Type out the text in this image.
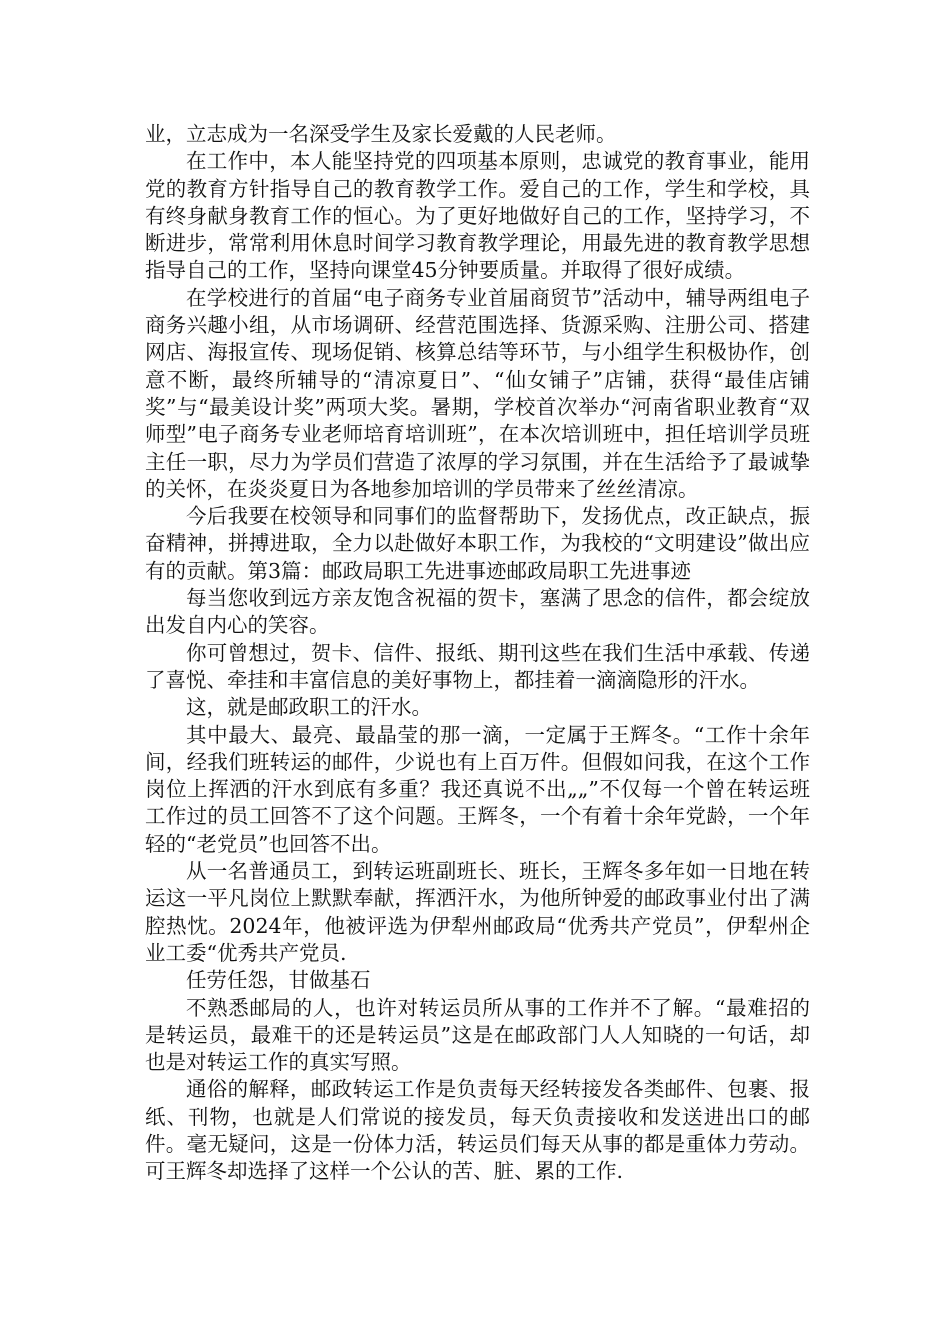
业，立志成为一名深受学生及家长爱戴的人民老师。

在工作中，本人能坚持党的四项基本原则，忠诚党的教育事业，能用党的教育方针指导自己的教育教学工作。爱自己的工作，学生和学校，具有终身献身教育工作的恒心。为了更好地做好自己的工作，坚持学习，不断进步，常常利用休息时间学习教育教学理论，用最先进的教育教学思想指导自己的工作，坚持向课堂45分钟要质量。并取得了很好成绩。

在学校进行的首届“电子商务专业首届商贸节”活动中，辅导两组电子商务兴趣小组，从市场调研、经营范围选择、货源采购、注册公司、搭建网店、海报宣传、现场促销、核算总结等环节，与小组学生积极协作，创意不断，最终所辅导的“清凉夏日”、“仙女铺子”店铺，获得“最佳店铺奖”与“最美设计奖”两项大奖。暑期，学校首次举办“河南省职业教育“双师型”电子商务专业老师培育培训班”，在本次培训班中，担任培训学员班主任一职，尽力为学员们营造了浓厚的学习氛围，并在生活给予了最诚挚的关怀，在炎炎夏日为各地参加培训的学员带来了丝丝清凉。

今后我要在校领导和同事们的监督帮助下，发扬优点，改正缺点，振奋精神，拼搏进取，全力以赴做好本职工作，为我校的“文明建设”做出应有的贡献。第3篇：邮政局职工先进事迹邮政局职工先进事迹

每当您收到远方亲友饱含祝福的贺卡，塞满了思念的信件，都会绽放出发自内心的笑容。

你可曾想过，贺卡、信件、报纸、期刊这些在我们生活中承载、传递了喜悦、牵挂和丰富信息的美好事物上，都挂着一滴滴隐形的汗水。

这，就是邮政职工的汗水。

其中最大、最亮、最晶莹的那一滴，一定属于王辉冬。“工作十余年间，经我们班转运的邮件，少说也有上百万件。但假如问我，在这个工作岗位上挥洒的汗水到底有多重？我还真说不出„„”不仅每一个曾在转运班工作过的员工回答不了这个问题。王辉冬，一个有着十余年党龄，一个年轻的“老党员”也回答不出。

从一名普通员工，到转运班副班长、班长，王辉冬多年如一日地在转运这一平凡岗位上默默奉献，挥洒汗水，为他所钟爱的邮政事业付出了满腔热忱。2024年，他被评选为伊犁州邮政局“优秀共产党员”，伊犁州企业工委“优秀共产党员.

任劳任怨，甘做基石

不熟悉邮局的人，也许对转运员所从事的工作并不了解。“最难招的是转运员，最难干的还是转运员”这是在邮政部门人人知晓的一句话，却也是对转运工作的真实写照。

通俗的解释，邮政转运工作是负责每天经转接发各类邮件、包裹、报纸、刊物，也就是人们常说的接发员，每天负责接收和发送进出口的邮件。毫无疑问，这是一份体力活，转运员们每天从事的都是重体力劳动。可王辉冬却选择了这样一个公认的苦、脏、累的工作.
